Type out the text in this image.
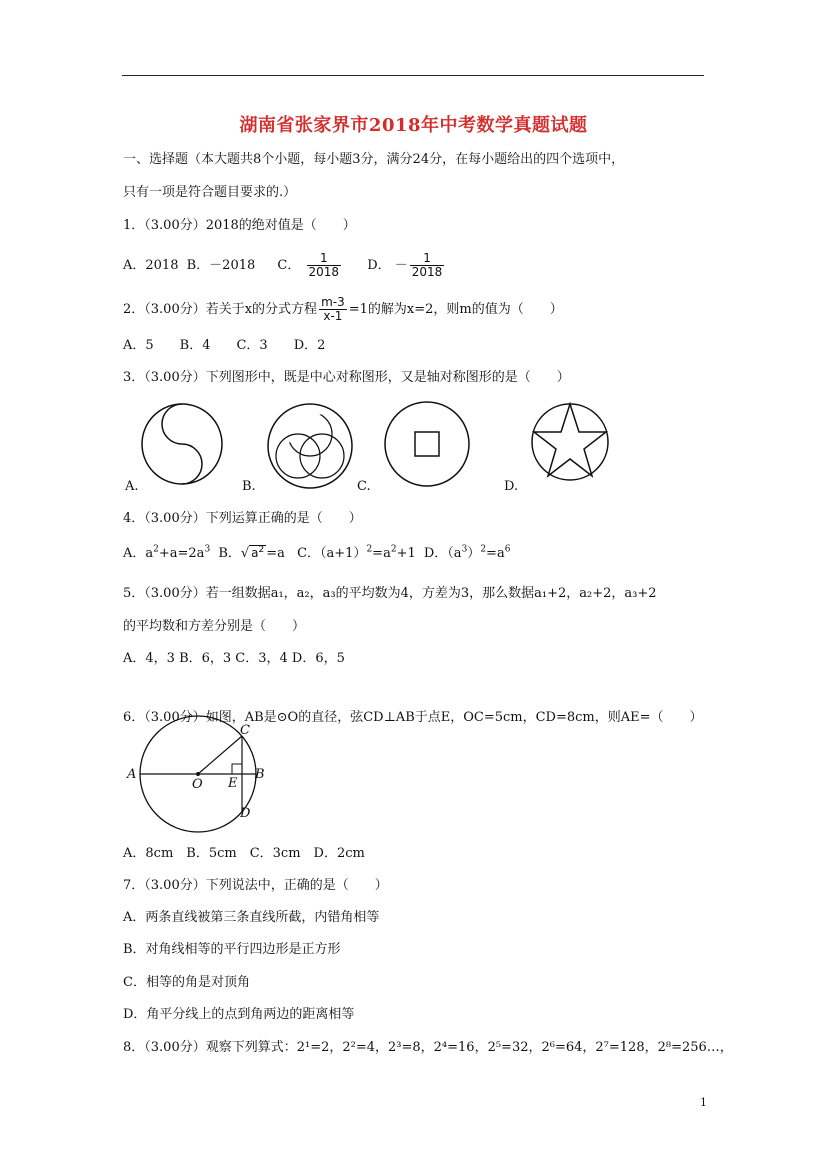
湖南省张家界市2018年中考数学真题试题
一、选择题（本大题共8个小题，每小题3分，满分24分，在每小题给出的四个选项中，
只有一项是符合题目要求的.）
1．（3.00分）2018的绝对值是（　　）
A．2018 B．－2018 C． $\frac{1}{2018}$ D． － $\frac{1}{2018}$
2．（3.00分）若关于x的分式方程 $\frac{m-3}{x-1} =1$的解为x=2，则m的值为（　　）
A．5　　B．4　　C．3　　D．2
3．（3.00分）下列图形中，既是中心对称图形，又是轴对称图形的是（　　）
A.	B.	C.	D.
4．（3.00分）下列运算正确的是（　　）
A．$a^2+a=2a^3$ B．√ $a^2 =a$ C．$(a+1)^2=a^2+1$ D．$(a^3)^2=a^6$
5．（3.00分）若一组数据a₁，a₂，a₃的平均数为4，方差为3，那么数据a₁+2，a₂+2，a₃+2
的平均数和方差分别是（　　）
A．4，3 B．6，3 C．3，4 D．6，5
6．（3.00分）如图，AB是⊙O的直径，弦CD⊥AB于点E，OC=5cm，CD=8cm，则AE=（　　）
A	B
C
D
E
O
A．8cm　B．5cm　C．3cm　D．2cm
7．（3.00分）下列说法中，正确的是（　　）
A．两条直线被第三条直线所截，内错角相等
B．对角线相等的平行四边形是正方形
C．相等的角是对顶角
D．角平分线上的点到角两边的距离相等
8．（3.00分）观察下列算式：2¹=2，2²=4，2³=8，2⁴=16，2⁵=32，2⁶=64，2⁷=128，2⁸=256…，
1
